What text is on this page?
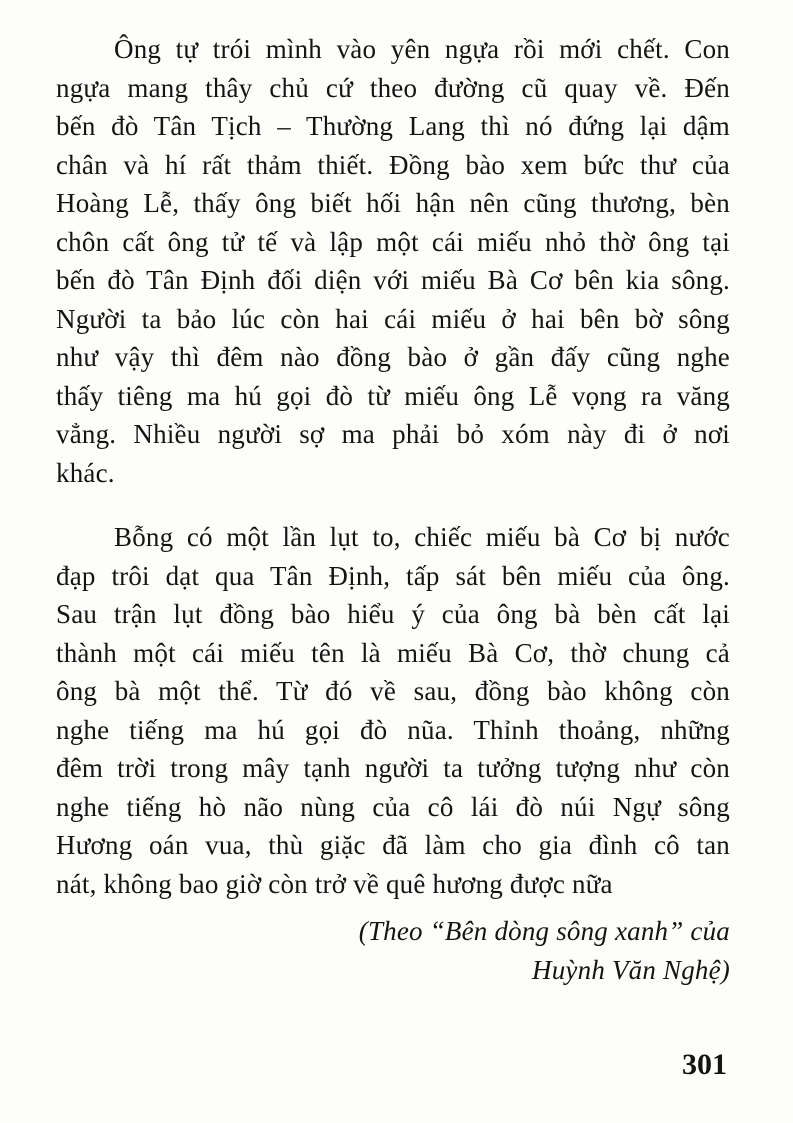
Ông tự trói mình vào yên ngựa rồi mới chết. Con
ngựa mang thây chủ cứ theo đường cũ quay về. Đến
bến đò Tân Tịch – Thường Lang thì nó đứng lại dậm
chân và hí rất thảm thiết. Đồng bào xem bức thư của
Hoàng Lễ, thấy ông biết hối hận nên cũng thương, bèn
chôn cất ông tử tế và lập một cái miếu nhỏ thờ ông tại
bến đò Tân Định đối diện với miếu Bà Cơ bên kia sông.
Người ta bảo lúc còn hai cái miếu ở hai bên bờ sông
như vậy thì đêm nào đồng bào ở gần đấy cũng nghe
thấy tiêng ma hú gọi đò từ miếu ông Lễ vọng ra văng
vẳng. Nhiều người sợ ma phải bỏ xóm này đi ở nơi
khác.

Bỗng có một lần lụt to, chiếc miếu bà Cơ bị nước
đạp trôi dạt qua Tân Định, tấp sát bên miếu của ông.
Sau trận lụt đồng bào hiểu ý của ông bà bèn cất lại
thành một cái miếu tên là miếu Bà Cơ, thờ chung cả
ông bà một thể. Từ đó về sau, đồng bào không còn
nghe tiếng ma hú gọi đò nũa. Thỉnh thoảng, những
đêm trời trong mây tạnh người ta tưởng tượng như còn
nghe tiếng hò não nùng của cô lái đò núi Ngự sông
Hương oán vua, thù giặc đã làm cho gia đình cô tan
nát, không bao giờ còn trở về quê hương được nữa

(Theo “Bên dòng sông xanh” của
Huỳnh Văn Nghệ)
301
